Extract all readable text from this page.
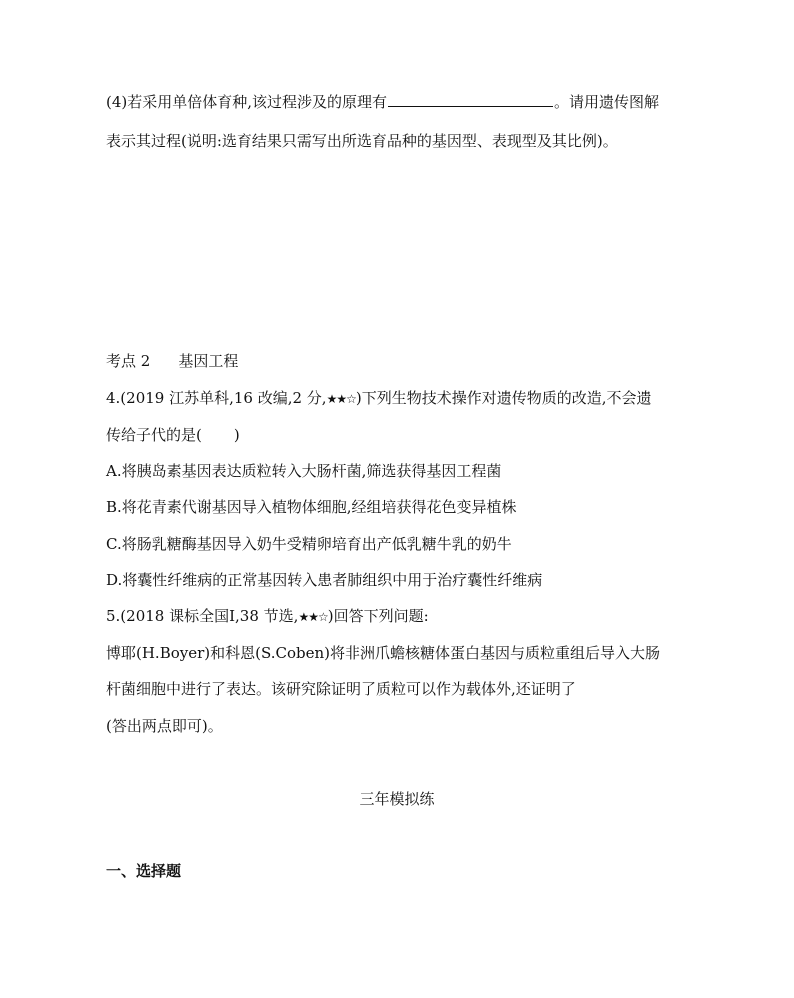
(4)若采用单倍体育种,该过程涉及的原理有	。请用遗传图解
表示其过程(说明:选育结果只需写出所选育品种的基因型、表现型及其比例)。
考点 2 基因工程
4.(2019 江苏单科,16 改编,2 分,★★☆)下列生物技术操作对遗传物质的改造,不会遗
传给子代的是( )
A.将胰岛素基因表达质粒转入大肠杆菌,筛选获得基因工程菌
B.将花青素代谢基因导入植物体细胞,经组培获得花色变异植株
C.将肠乳糖酶基因导入奶牛受精卵培育出产低乳糖牛乳的奶牛
D.将囊性纤维病的正常基因转入患者肺组织中用于治疗囊性纤维病
5.(2018 课标全国Ⅰ,38 节选,★★☆)回答下列问题:
博耶(H.Boyer)和科恩(S.Coben)将非洲爪蟾核糖体蛋白基因与质粒重组后导入大肠
杆菌细胞中进行了表达。该研究除证明了质粒可以作为载体外,还证明了
(答出两点即可)。
三年模拟练
一、选择题
